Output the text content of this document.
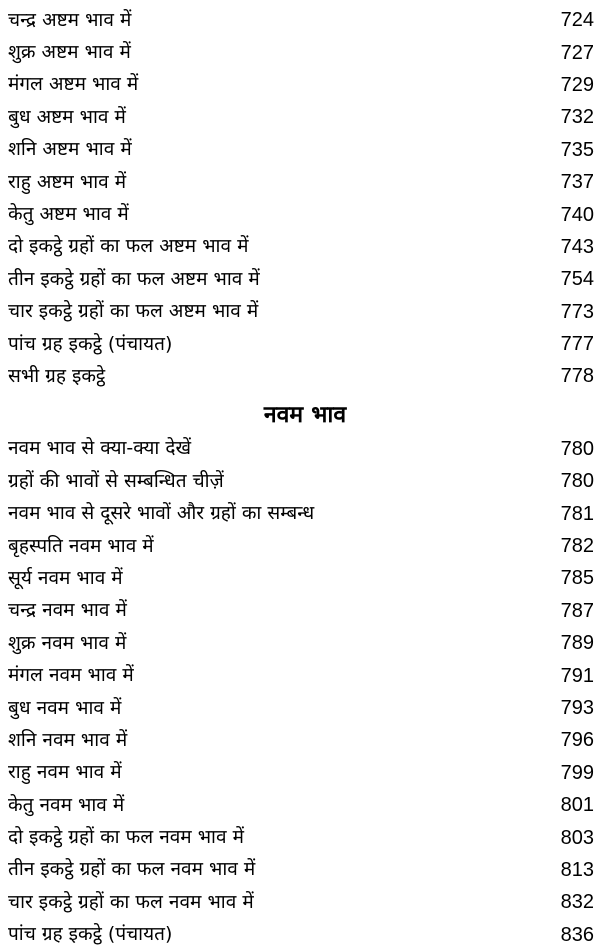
चन्द्र अष्टम भाव में	724
शुक्र अष्टम भाव में	727
मंगल अष्टम भाव में	729
बुध अष्टम भाव में	732
शनि अष्टम भाव में	735
राहु अष्टम भाव में	737
केतु अष्टम भाव में	740
दो इकट्ठे ग्रहों का फल अष्टम भाव में	743
तीन इकट्ठे ग्रहों का फल अष्टम भाव में	754
चार इकट्ठे ग्रहों का फल अष्टम भाव में	773
पांच ग्रह इकट्ठे (पंचायत)	777
सभी ग्रह इकट्ठे	778
नवम भाव
नवम भाव से क्या-क्या देखें	780
ग्रहों की भावों से सम्बन्धित चीज़ें	780
नवम भाव से दूसरे भावों और ग्रहों का सम्बन्ध	781
बृहस्पति नवम भाव में	782
सूर्य नवम भाव में	785
चन्द्र नवम भाव में	787
शुक्र नवम भाव में	789
मंगल नवम भाव में	791
बुध नवम भाव में	793
शनि नवम भाव में	796
राहु नवम भाव में	799
केतु नवम भाव में	801
दो इकट्ठे ग्रहों का फल नवम भाव में	803
तीन इकट्ठे ग्रहों का फल नवम भाव में	813
चार इकट्ठे ग्रहों का फल नवम भाव में	832
पांच ग्रह इकट्ठे (पंचायत)	836
